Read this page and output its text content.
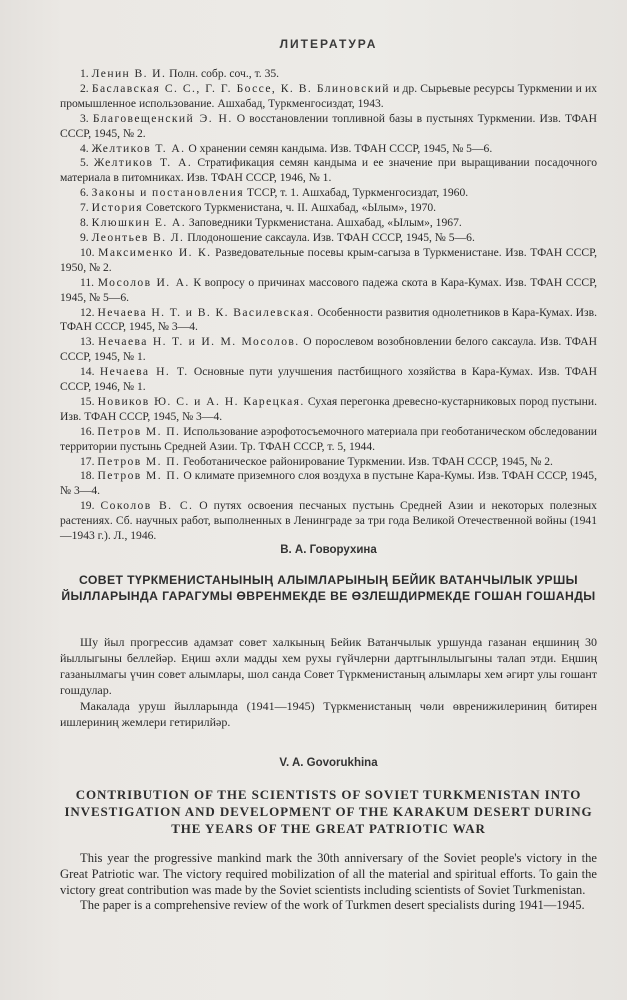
ЛИТЕРАТУРА

1. Ленин В. И. Полн. собр. соч., т. 35.

2. Баславская С. С., Г. Г. Боссе, К. В. Блиновский и др. Сырьевые ресурсы Туркмении и их промышленное использование. Ашхабад, Туркменгосиздат, 1943.

3. Благовещенский Э. Н. О восстановлении топливной базы в пустынях Туркмении. Изв. ТФАН СССР, 1945, № 2.

4. Желтиков Т. А. О хранении семян кандыма. Изв. ТФАН СССР, 1945, № 5—6.

5. Желтиков Т. А. Стратификация семян кандыма и ее значение при выращивании посадочного материала в питомниках. Изв. ТФАН СССР, 1946, № 1.

6. Законы и постановления ТССР, т. 1. Ашхабад, Туркменгосиздат, 1960.

7. История Советского Туркменистана, ч. II. Ашхабад, «Ылым», 1970.

8. Клюшкин Е. А. Заповедники Туркменистана. Ашхабад, «Ылым», 1967.

9. Леонтьев В. Л. Плодоношение саксаула. Изв. ТФАН СССР, 1945, № 5—6.

10. Максименко И. К. Разведовательные посевы крым-сагыза в Туркменистане. Изв. ТФАН СССР, 1950, № 2.

11. Мосолов И. А. К вопросу о причинах массового падежа скота в Кара-Кумах. Изв. ТФАН СССР, 1945, № 5—6.

12. Нечаева Н. Т. и В. К. Василевская. Особенности развития однолетников в Кара-Кумах. Изв. ТФАН СССР, 1945, № 3—4.

13. Нечаева Н. Т. и И. М. Мосолов. О порослевом возобновлении белого саксаула. Изв. ТФАН СССР, 1945, № 1.

14. Нечаева Н. Т. Основные пути улучшения пастбищного хозяйства в Кара-Кумах. Изв. ТФАН СССР, 1946, № 1.

15. Новиков Ю. С. и А. Н. Карецкая. Сухая перегонка древесно-кустарниковых пород пустыни. Изв. ТФАН СССР, 1945, № 3—4.

16. Петров М. П. Использование аэрофотосъемочного материала при геоботаническом обследовании территории пустынь Средней Азии. Тр. ТФАН СССР, т. 5, 1944.

17. Петров М. П. Геоботаническое районирование Туркмении. Изв. ТФАН СССР, 1945, № 2.

18. Петров М. П. О климате приземного слоя воздуха в пустыне Кара-Кумы. Изв. ТФАН СССР, 1945, № 3—4.

19. Соколов В. С. О путях освоения песчаных пустынь Средней Азии и некоторых полезных растениях. Сб. научных работ, выполненных в Ленинграде за три года Великой Отечественной войны (1941—1943 г.). Л., 1946.

В. А. Говорухина
СОВЕТ ТҮРКМЕНИСТАНЫНЫҢ АЛЫМЛАРЫНЫҢ БЕЙИК ВАТАНЧЫЛЫК УРШЫ ЙЫЛЛАРЫНДА ГАРАГУМЫ ӨВРЕНМЕКДЕ ВЕ ӨЗЛЕШДИРМЕКДЕ ГОШАН ГОШАНДЫ

Шу йыл прогрессив адамзат совет халкының Бейик Ватанчылык уршунда газанан еңшиниң 30 йыллыгыны беллейәр. Еңиш әхли мадды хем рухы гүйчлерни дартгынлылыгыны талап этди. Еңшиң газанылмагы үчин совет алымлары, шол санда Совет Түркменистаның алымлары хем әгирт улы гошант гошдулар.

Макалада уруш йылларында (1941—1945) Түркменистаның чөли өвренижилериниң битирен ишлериниң жемлери гетирилйәр.

V. A. Govorukhina
CONTRIBUTION OF THE SCIENTISTS OF SOVIET TURKMENISTAN INTO INVESTIGATION AND DEVELOPMENT OF THE KARAKUM DESERT DURING THE YEARS OF THE GREAT PATRIOTIC WAR

This year the progressive mankind mark the 30th anniversary of the Soviet people's victory in the Great Patriotic war. The victory required mobilization of all the material and spiritual efforts. To gain the victory great contribution was made by the Soviet scientists including scientists of Soviet Turkmenistan.

The paper is a comprehensive review of the work of Turkmen desert specialists during 1941—1945.
